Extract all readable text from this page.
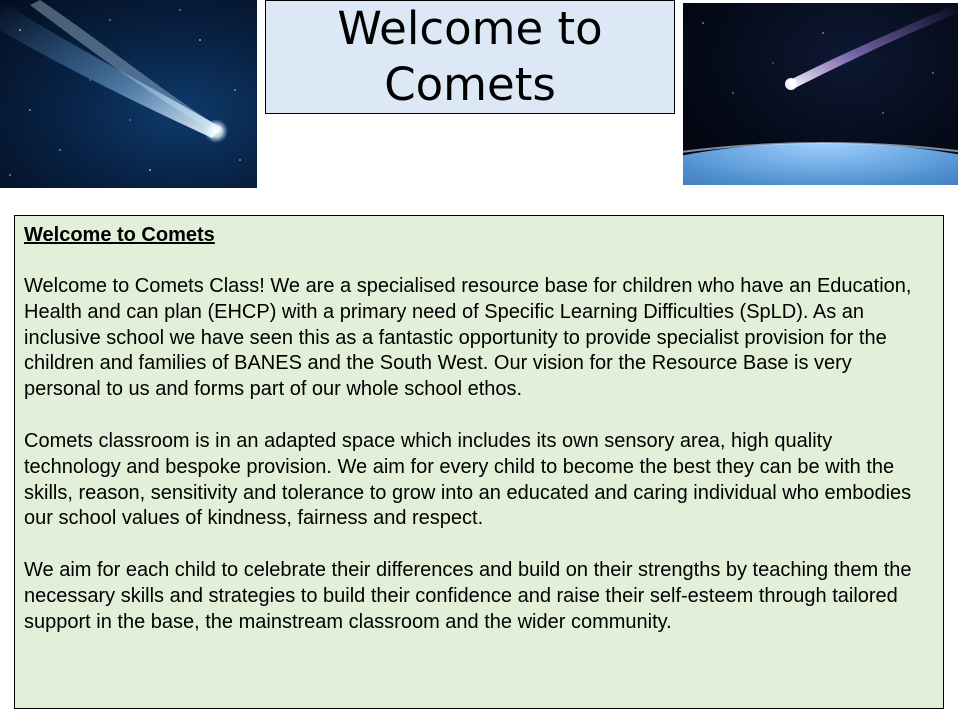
Welcome to Comets
Welcome to Comets

Welcome to Comets Class! We are a specialised resource base for children who have an Education, Health and can plan (EHCP) with a primary need of Specific Learning Difficulties (SpLD). As an inclusive school we have seen this as a fantastic opportunity to provide specialist provision for the children and families of BANES and the South West. Our vision for the Resource Base is very personal to us and forms part of our whole school ethos.

Comets classroom is in an adapted space which includes its own sensory area, high quality technology and bespoke provision. We aim for every child to become the best they can be with the skills, reason, sensitivity and tolerance to grow into an educated and caring individual who embodies our school values of kindness, fairness and respect.

We aim for each child to celebrate their differences and build on their strengths by teaching them the necessary skills and strategies to build their confidence and raise their self-esteem through tailored support in the base, the mainstream classroom and the wider community.
